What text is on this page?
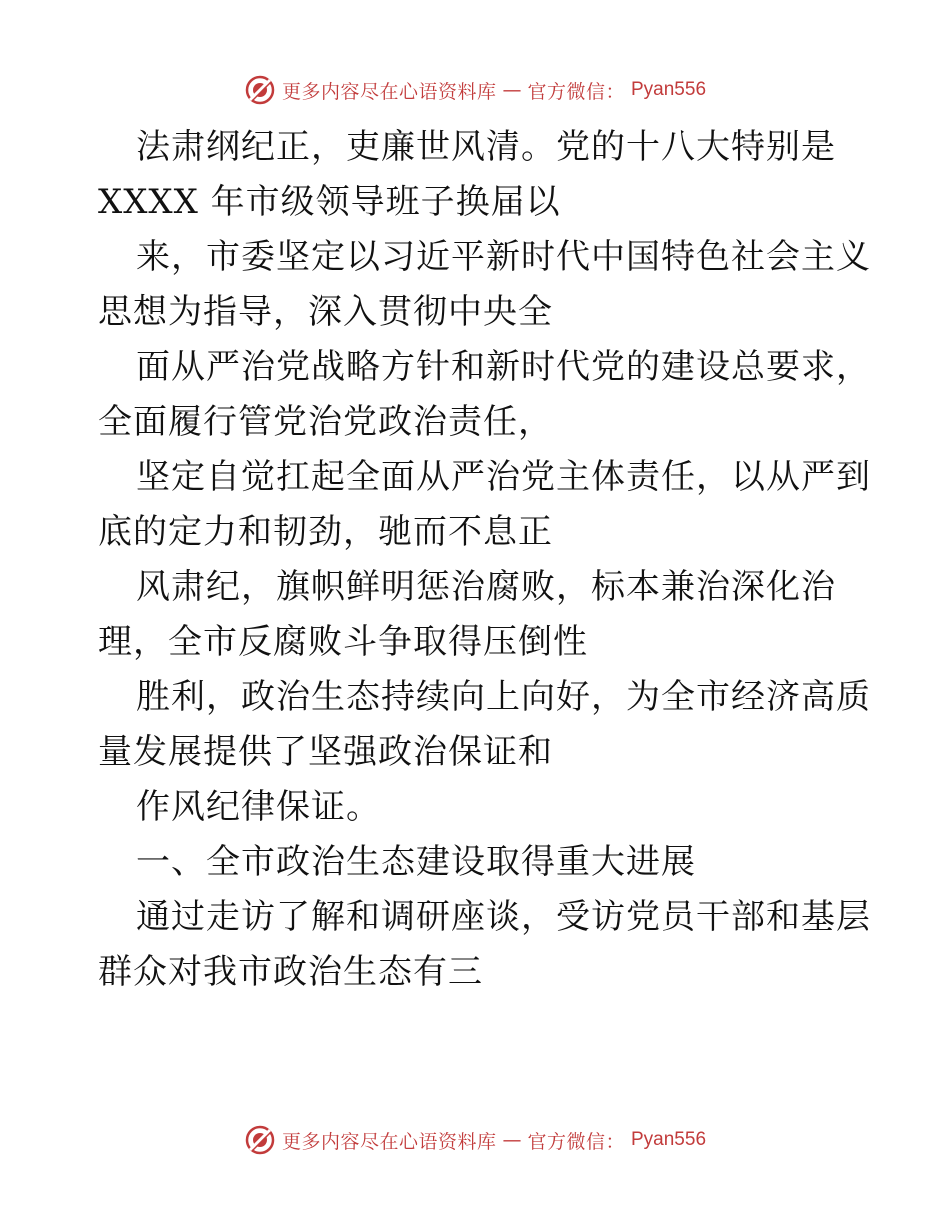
更多内容尽在心语资料库 — 官方微信： Pyan556
法肃纲纪正，吏廉世风清。党的十八大特别是
XXXX 年市级领导班子换届以
来，市委坚定以习近平新时代中国特色社会主义
思想为指导，深入贯彻中央全
面从严治党战略方针和新时代党的建设总要求，
全面履行管党治党政治责任，
坚定自觉扛起全面从严治党主体责任，以从严到
底的定力和韧劲，驰而不息正
风肃纪，旗帜鲜明惩治腐败，标本兼治深化治
理，全市反腐败斗争取得压倒性
胜利，政治生态持续向上向好，为全市经济高质
量发展提供了坚强政治保证和
作风纪律保证。
一、全市政治生态建设取得重大进展
通过走访了解和调研座谈，受访党员干部和基层
群众对我市政治生态有三
更多内容尽在心语资料库 — 官方微信： Pyan556
